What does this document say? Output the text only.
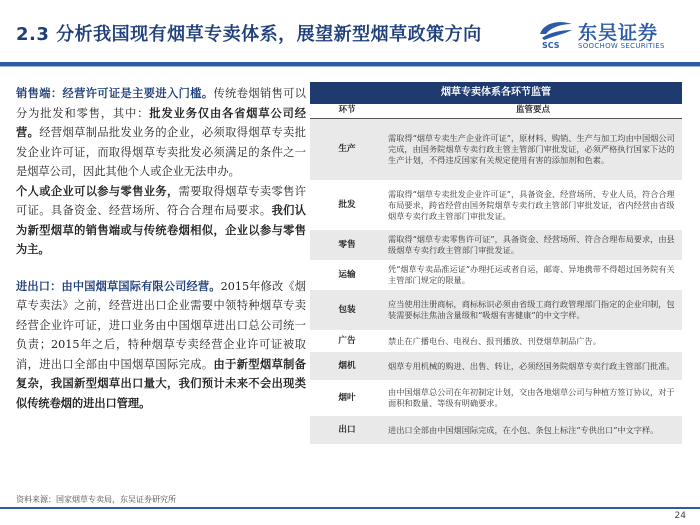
2.3 分析我国现有烟草专卖体系，展望新型烟草政策方向
SCS
东吴证券
SOOCHOW SECURITIES

销售端：经营许可证是主要进入门槛。传统卷烟销售可以分为批发和零售，其中：批发业务仅由各省烟草公司经营。经营烟草制品批发业务的企业，必须取得烟草专卖批发企业许可证，而取得烟草专卖批发必须满足的条件之一是烟草公司，因此其他个人或企业无法申办。

个人或企业可以参与零售业务，需要取得烟草专卖零售许可证。具备资金、经营场所、符合合理布局要求。我们认为新型烟草的销售端或与传统卷烟相似，企业以参与零售为主。

进出口：由中国烟草国际有限公司经营。2015年修改《烟草专卖法》之前，经营进出口企业需要中领特种烟草专卖经营企业许可证，进口业务由中国烟草进出口总公司统一负责；2015年之后，特种烟草专卖经营企业许可证被取消，进出口全部由中国烟草国际完成。由于新型烟草制备复杂，我国新型烟草出口量大，我们预计未来不会出现类似传统卷烟的进出口管理。

烟草专卖体系各环节监管
环节	监管要点
生产	需取得“烟草专卖生产企业许可证”，原材料、购销、生产与加工均由中国烟公司完成，由国务院烟草专卖行政主管主管部门审批发证，必须严格执行国家下达的生产计划，不得违反国家有关规定使用有害的添加剂和色素。
批发	需取得“烟草专卖批发企业许可证”，具备资金、经营场所、专业人员，符合合理布局要求，跨省经营由国务院烟草专卖行政主管部门审批发证，省内经营由省级烟草专卖行政主管部门审批发证。
零售	需取得“烟草专卖零售许可证”，具备资金、经营场所、符合合理布局要求，由县级烟草专卖行政主管部门审批发证。
运输	凭“烟草专卖品准运证”办理托运或者自运，邮寄、异地携带不得超过国务院有关主管部门规定的限量。
包装	应当使用注册商标，商标标识必须由省级工商行政管理部门指定的企业印制，包装需要标注焦油含量级和“吸烟有害健康”的中文字样。
广告	禁止在广播电台、电视台、报刊播放、刊登烟草制品广告。
烟机	烟草专用机械的购进、出售、转让，必须经国务院烟草专卖行政主管部门批准。
烟叶	由中国烟草总公司在年初制定计划，交由各地烟草公司与种植方签订协议，对于面积和数量、等级有明确要求。
出口	进出口全部由中国烟国际完成，在小包、条包上标注“专供出口”中文字样。
资料来源：国家烟草专卖局，东吴证券研究所
24
